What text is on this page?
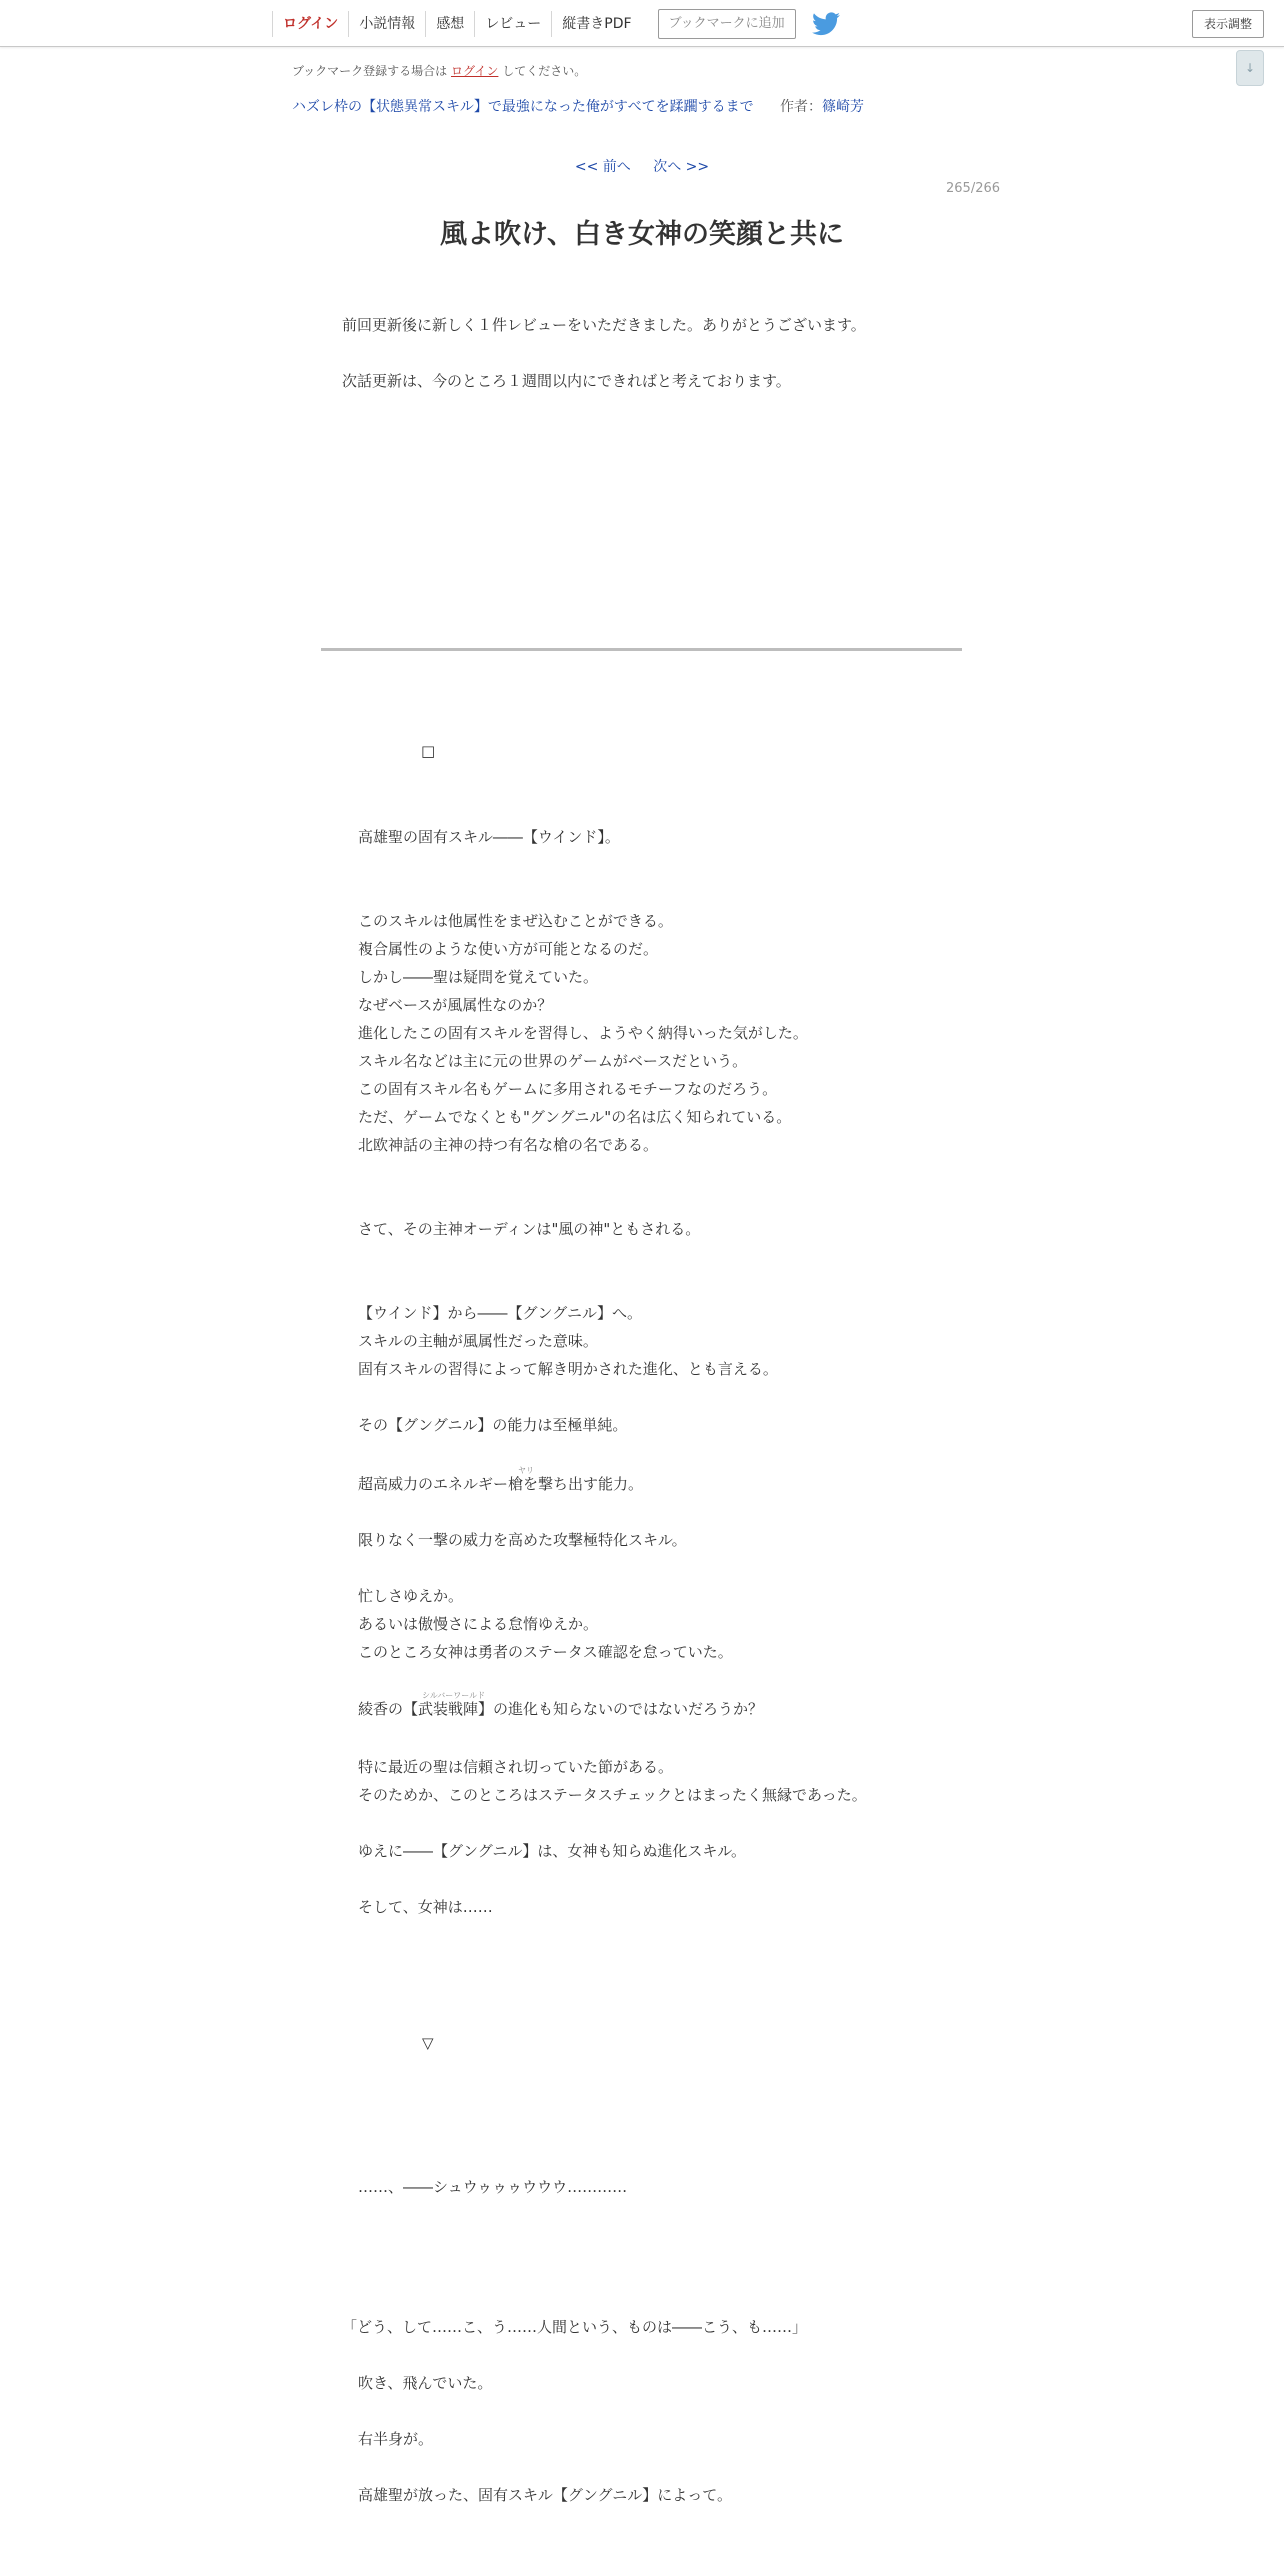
ログイン	小説情報	感想	レビュー	縦書きPDF	ブックマークに追加	表示調整
↓
ブックマーク登録する場合は ログイン してください。
ハズレ枠の【状態異常スキル】で最強になった俺がすべてを蹂躙するまで 作者：篠崎芳
<< 前へ 次へ >>
265/266
風よ吹け、白き女神の笑顔と共に
前回更新後に新しく１件レビューをいただきました。ありがとうございます。
次話更新は、今のところ１週間以内にできればと考えております。
□
高雄聖の固有スキル――【ウインド】。
このスキルは他属性をまぜ込むことができる。
複合属性のような使い方が可能となるのだ。
しかし――聖は疑問を覚えていた。
なぜベースが風属性なのか？
進化したこの固有スキルを習得し、ようやく納得いった気がした。
スキル名などは主に元の世界のゲームがベースだという。
この固有スキル名もゲームに多用されるモチーフなのだろう。
ただ、ゲームでなくとも"グングニル"の名は広く知られている。
北欧神話の主神の持つ有名な槍の名である。
さて、その主神オーディンは"風の神"ともされる。
【ウインド】から――【グングニル】へ。
スキルの主軸が風属性だった意味。
固有スキルの習得によって解き明かされた進化、とも言える。
その【グングニル】の能力は至極単純。
ヤリ
超高威力のエネルギー槍を撃ち出す能力。
限りなく一撃の威力を高めた攻撃極特化スキル。
忙しさゆえか。
あるいは傲慢さによる怠惰ゆえか。
このところ女神は勇者のステータス確認を怠っていた。
シルバーワールド
綾香の【武装戦陣】の進化も知らないのではないだろうか？
特に最近の聖は信頼され切っていた節がある。
そのためか、このところはステータスチェックとはまったく無縁であった。
ゆえに――【グングニル】は、女神も知らぬ進化スキル。
そして、女神は……
▽
……、――シュウゥゥゥウウウ…………
「どう、して……こ、う……人間という、ものは――こう、も……」
吹き、飛んでいた。
右半身が。
高雄聖が放った、固有スキル【グングニル】によって。
